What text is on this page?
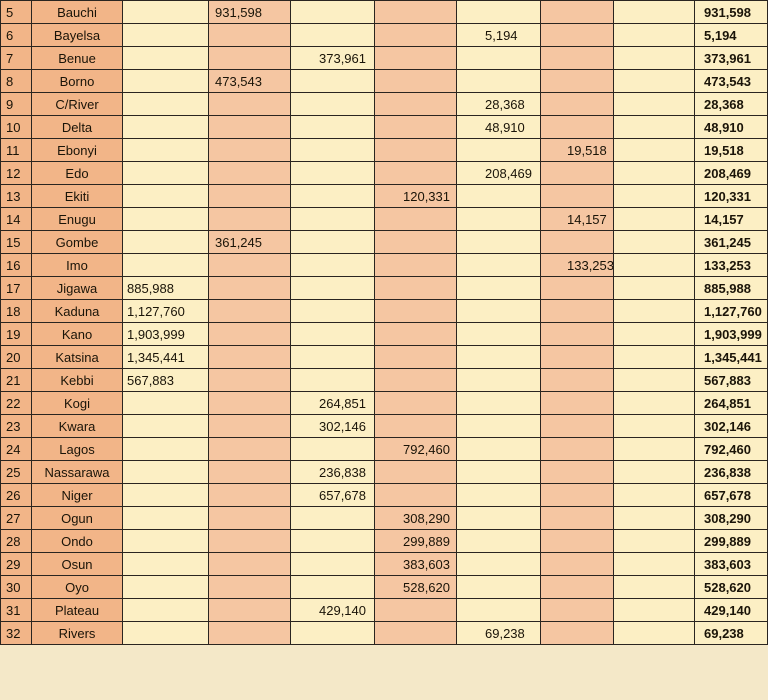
5	Bauchi		931,598						931,598
6	Bayelsa					5,194			5,194
7	Benue			373,961					373,961
8	Borno		473,543						473,543
9	C/River					28,368			28,368
10	Delta					48,910			48,910
11	Ebonyi						19,518		19,518
12	Edo					208,469			208,469
13	Ekiti				120,331				120,331
14	Enugu						14,157		14,157
15	Gombe		361,245						361,245
16	Imo						133,253		133,253
17	Jigawa	885,988							885,988
18	Kaduna	1,127,760							1,127,760
19	Kano	1,903,999							1,903,999
20	Katsina	1,345,441							1,345,441
21	Kebbi	567,883							567,883
22	Kogi			264,851					264,851
23	Kwara			302,146					302,146
24	Lagos				792,460				792,460
25	Nassarawa			236,838					236,838
26	Niger			657,678					657,678
27	Ogun				308,290				308,290
28	Ondo				299,889				299,889
29	Osun				383,603				383,603
30	Oyo				528,620				528,620
31	Plateau			429,140					429,140
32	Rivers					69,238			69,238
